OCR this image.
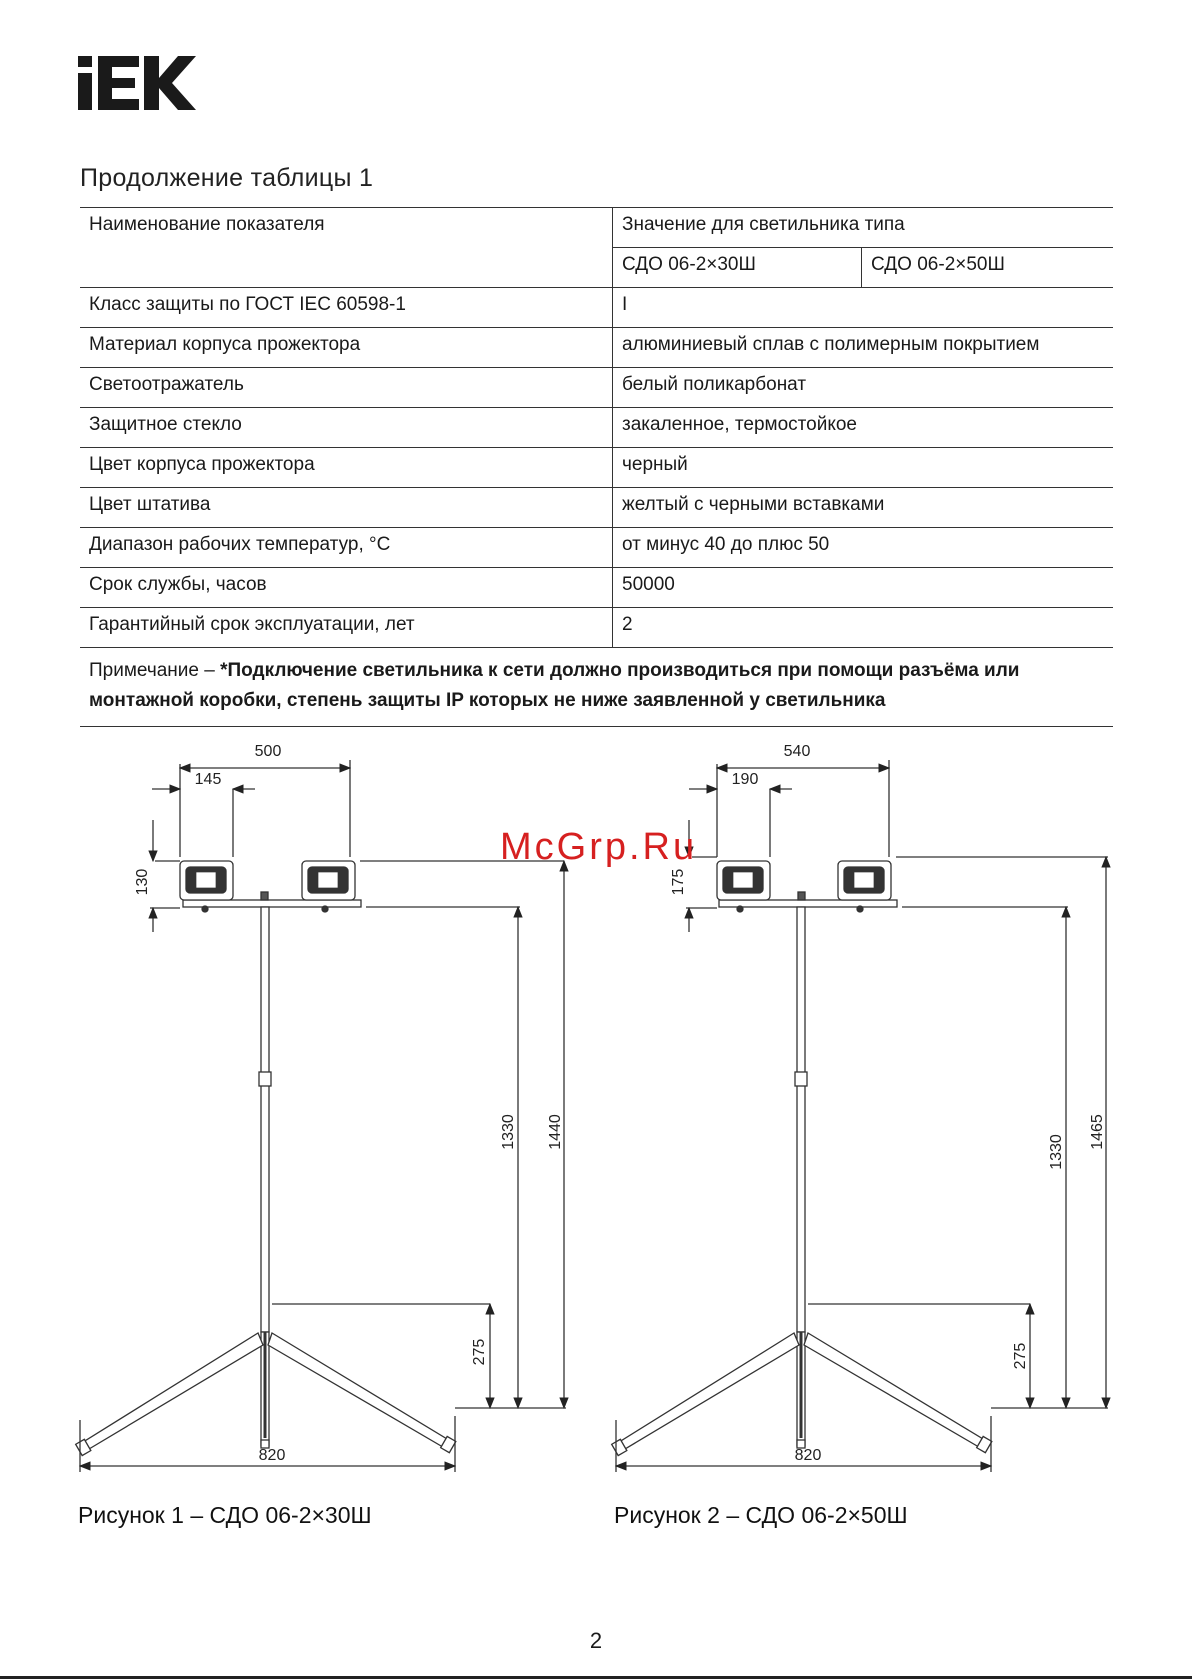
Продолжение таблицы 1
Наименование показателя	Значение для светильника типа	
	СДО 06-2×30Ш	СДО 06-2×50Ш
Класс защиты по ГОСТ IEC 60598-1	I	
Материал корпуса прожектора	алюминиевый сплав с полимерным покрытием	
Светоотражатель	белый поликарбонат	
Защитное стекло	закаленное, термостойкое	
Цвет корпуса прожектора	черный	
Цвет штатива	желтый с черными вставками	
Диапазон рабочих температур, °С	от минус 40 до плюс 50	
Срок службы, часов	50000	
Гарантийный срок эксплуатации, лет	2	
Примечание – *Подключение светильника к сети должно производиться при помощи разъёма или монтажной коробки, степень защиты IP которых не ниже заявленной у светильника		
500
145
130
1330 1440
275
820
540
190
175
1330
1465
275
820
McGrp.Ru
Рисунок 1 – СДО 06-2×30Ш	Рисунок 2 – СДО 06-2×50Ш
2
